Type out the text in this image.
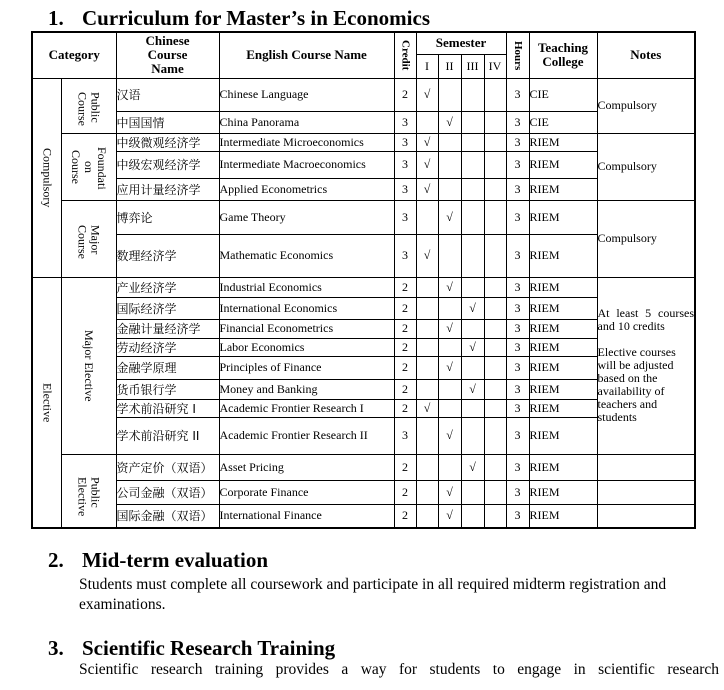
1. Curriculum for Master’s in Economics
Category		Chinese Course Name	English Course Name	Credit	Semester				Hours	Teaching College	Notes
					I	II	III	IV			

Compulsory	Public Course	汉语	Chinese Language	2	√				3	CIE	Compulsory
		中国国情	China Panorama	3		√			3	CIE	

	Foundati on Course	中级微观经济学	Intermediate Microeconomics	3	√				3	RIEM	Compulsory
		中级宏观经济学	Intermediate Macroeconomics	3	√				3	RIEM	
		应用计量经济学	Applied Econometrics	3	√				3	RIEM	

	Major Course	博弈论	Game Theory	3		√			3	RIEM	Compulsory
		数理经济学	Mathematic Economics	3	√				3	RIEM	

Elective	Major Elective	产业经济学	Industrial Economics	2		√			3	RIEM	At least 5 courses and 10 credits

Elective courses will be adjusted based on the availability of teachers and students

		国际经济学	International Economics	2			√		3	RIEM	
		金融计量经济学	Financial Econometrics	2		√			3	RIEM	
		劳动经济学	Labor Economics	2			√		3	RIEM	
		金融学原理	Principles of Finance	2		√			3	RIEM	
		货币银行学	Money and Banking	2			√		3	RIEM	
		学术前沿研究 I	Academic Frontier Research I	2	√				3	RIEM	
		学术前沿研究 II	Academic Frontier Research II	3		√			3	RIEM	

	Public Elective	资产定价（双语）	Asset Pricing	2			√		3	RIEM	
		公司金融（双语）	Corporate Finance	2		√			3	RIEM	
		国际金融（双语）	International Finance	2		√			3	RIEM	
2. Mid-term evaluation
Students must complete all coursework and participate in all required midterm registration and examinations.
3. Scientific Research Training
Scientific research training provides a way for students to engage in scientific research
